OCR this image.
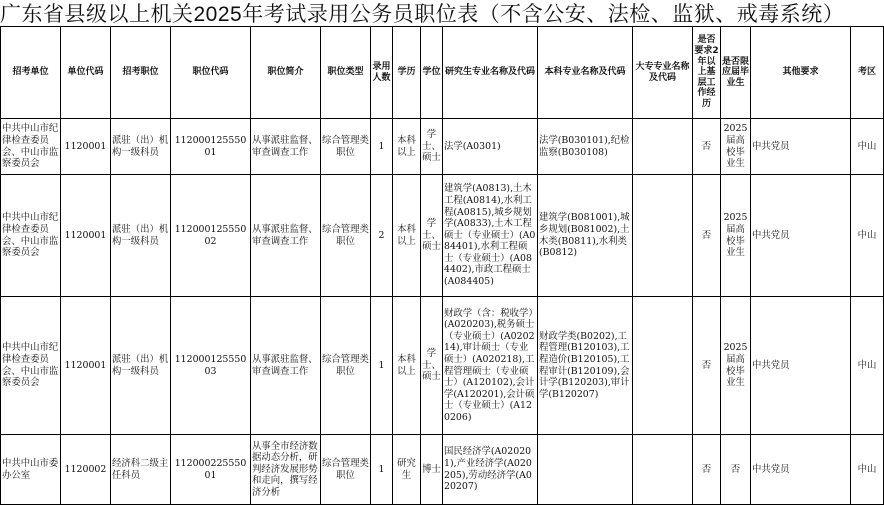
广东省县级以上机关2025年考试录用公务员职位表（不含公安、法检、监狱、戒毒系统）
招考单位	单位代码	招考职位	职位代码	职位简介	职位类型	录用人数	学历	学位	研究生专业名称及代码	本科专业名称及代码	大专专业名称及代码	是否要求2年以上基层工作经历	是否限应届毕业生	其他要求	考区
中共中山市纪律检查委员会、中山市监察委员会	1120001	派驻（出）机构一级科员	11200012555001	从事派驻监督、审查调查工作	综合管理类职位	1	本科以上	学士、硕士	法学(A0301)	法学(B030101),纪检监察(B030108)		否	2025届高校毕业生	中共党员	中山
中共中山市纪律检查委员会、中山市监察委员会	1120001	派驻（出）机构一级科员	11200012555002	从事派驻监督、审查调查工作	综合管理类职位	2	本科以上	学士、硕士	建筑学(A0813),土木工程(A0814),水利工程(A0815),城乡规划学(A0833),土木工程硕士（专业硕士）(A084401),水利工程硕士（专业硕士）(A084402),市政工程硕士(A084405)	建筑学(B081001),城乡规划(B081002),土木类(B0811),水利类(B0812)		否	2025届高校毕业生	中共党员	中山
中共中山市纪律检查委员会、中山市监察委员会	1120001	派驻（出）机构一级科员	11200012555003	从事派驻监督、审查调查工作	综合管理类职位	1	本科以上	学士、硕士	财政学（含：税收学）(A020203),税务硕士（专业硕士）(A020214),审计硕士（专业硕士）(A020218),工程管理硕士（专业硕士）(A120102),会计学(A120201),会计硕士（专业硕士）(A120206)	财政学类(B0202),工程管理(B120103),工程造价(B120105),工程审计(B120109),会计学(B120203),审计学(B120207)		否	2025届高校毕业生	中共党员	中山
中共中山市委办公室	1120002	经济科二级主任科员	11200022555001	从事全市经济数据动态分析，研判经济发展形势和走向，撰写经济分析	综合管理类职位	1	研究生	博士	国民经济学(A020201),产业经济学(A020205),劳动经济学(A020207)			否	否	中共党员	中山
